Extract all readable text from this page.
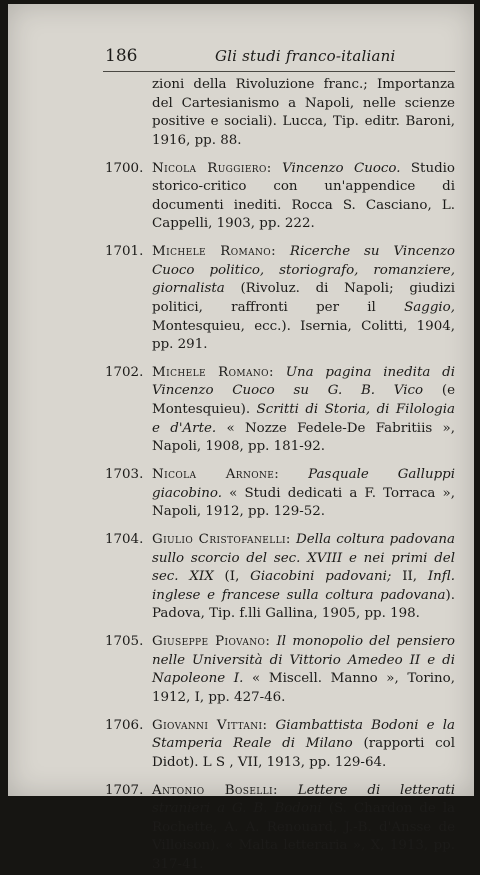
186	Gli studi franco-italiani
zioni della Rivoluzione franc.; Importanza del Cartesianismo a Napoli, nelle scienze positive e sociali). Lucca, Tip. editr. Baroni, 1916, pp. 88.
1700. Nicola Ruggiero: Vincenzo Cuoco. Studio storico-critico con un'appendice di documenti inediti. Rocca S. Casciano, L. Cappelli, 1903, pp. 222.
1701. Michele Romano: Ricerche su Vincenzo Cuoco politico, storiografo, romanziere, giornalista (Rivoluz. di Napoli; giudizi politici, raffronti per il Saggio, Montesquieu, ecc.). Isernia, Colitti, 1904, pp. 291.
1702. Michele Romano: Una pagina inedita di Vincenzo Cuoco su G. B. Vico (e Montesquieu). Scritti di Storia, di Filologia e d'Arte. « Nozze Fedele-De Fabritiis », Napoli, 1908, pp. 181-92.
1703. Nicola Arnone: Pasquale Galluppi giacobino. « Studi dedicati a F. Torraca », Napoli, 1912, pp. 129-52.
1704. Giulio Cristofanelli: Della coltura padovana sullo scorcio del sec. XVIII e nei primi del sec. XIX (I, Giacobini padovani; II, Infl. inglese e francese sulla coltura padovana). Padova, Tip. f.lli Gallina, 1905, pp. 198.
1705. Giuseppe Piovano: Il monopolio del pensiero nelle Università di Vittorio Amedeo II e di Napoleone I. « Miscell. Manno », Torino, 1912, I, pp. 427-46.
1706. Giovanni Vittani: Giambattista Bodoni e la Stamperia Reale di Milano (rapporti col Didot). L S , VII, 1913, pp. 129-64.
1707. Antonio Boselli: Lettere di letterati stranieri a G. B. Bodoni (S. Chardon de la Rochette, A. A. Renouard, J.-B. d'Ansse de Villoison). « Malta letteraria », X, 1913, pp. 317-41.
